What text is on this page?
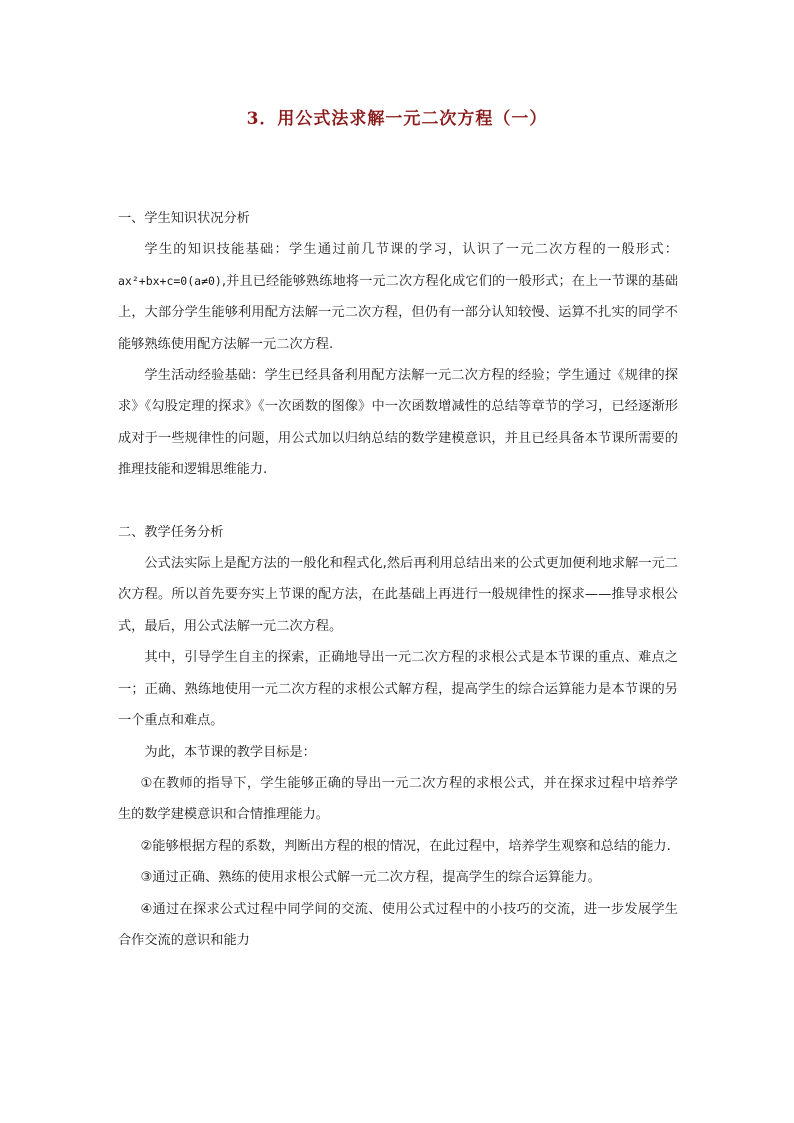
3．用公式法求解一元二次方程（一）

一、学生知识状况分析

学生的知识技能基础：学生通过前几节课的学习，认识了一元二次方程的一般形式：ax²+bx+c=0(a≠0),并且已经能够熟练地将一元二次方程化成它们的一般形式；在上一节课的基础上，大部分学生能够利用配方法解一元二次方程，但仍有一部分认知较慢、运算不扎实的同学不能够熟练使用配方法解一元二次方程.

学生活动经验基础：学生已经具备利用配方法解一元二次方程的经验；学生通过《规律的探求》《勾股定理的探求》《一次函数的图像》中一次函数增减性的总结等章节的学习，已经逐渐形成对于一些规律性的问题，用公式加以归纳总结的数学建模意识，并且已经具备本节课所需要的推理技能和逻辑思维能力.

二、教学任务分析

公式法实际上是配方法的一般化和程式化,然后再利用总结出来的公式更加便利地求解一元二次方程。所以首先要夯实上节课的配方法，在此基础上再进行一般规律性的探求——推导求根公式，最后，用公式法解一元二次方程。

其中，引导学生自主的探索，正确地导出一元二次方程的求根公式是本节课的重点、难点之一；正确、熟练地使用一元二次方程的求根公式解方程，提高学生的综合运算能力是本节课的另一个重点和难点。

为此，本节课的教学目标是：

①在教师的指导下，学生能够正确的导出一元二次方程的求根公式，并在探求过程中培养学生的数学建模意识和合情推理能力。

②能够根据方程的系数，判断出方程的根的情况，在此过程中，培养学生观察和总结的能力.

③通过正确、熟练的使用求根公式解一元二次方程，提高学生的综合运算能力。

④通过在探求公式过程中同学间的交流、使用公式过程中的小技巧的交流，进一步发展学生合作交流的意识和能力
